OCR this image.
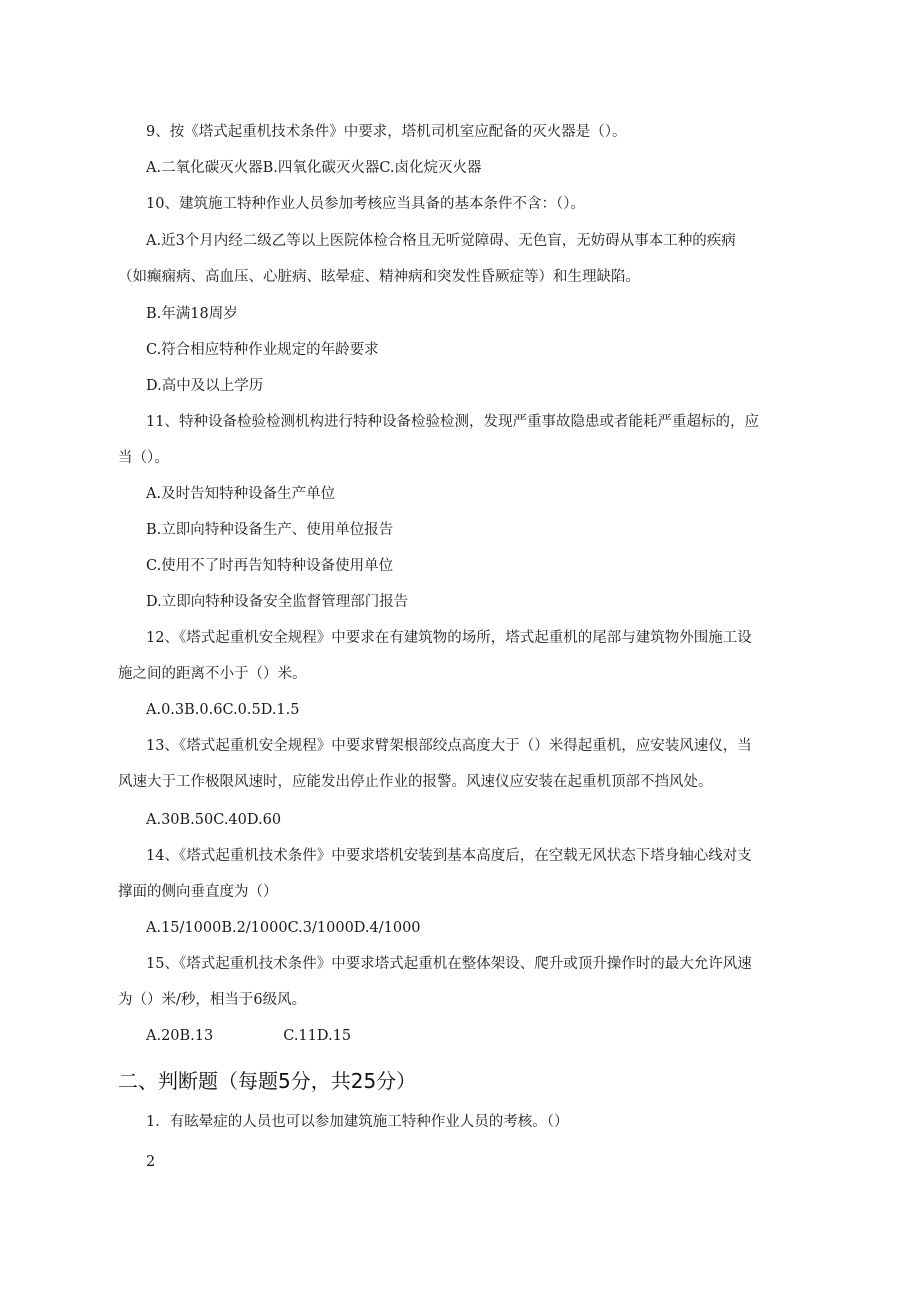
9、按《塔式起重机技术条件》中要求，塔机司机室应配备的灭火器是（）。
A.二氧化碳灭火器B.四氧化碳灭火器C.卤化烷灭火器
10、建筑施工特种作业人员参加考核应当具备的基本条件不含：（）。
A.近3个月内经二级乙等以上医院体检合格且无听觉障碍、无色盲，无妨碍从事本工种的疾病
（如癫痫病、高血压、心脏病、眩晕症、精神病和突发性昏厥症等）和生理缺陷。
B.年满18周岁
C.符合相应特种作业规定的年龄要求
D.高中及以上学历
11、特种设备检验检测机构进行特种设备检验检测，发现严重事故隐患或者能耗严重超标的，应
当（）。
A.及时告知特种设备生产单位
B.立即向特种设备生产、使用单位报告
C.使用不了时再告知特种设备使用单位
D.立即向特种设备安全监督管理部门报告
12、《塔式起重机安全规程》中要求在有建筑物的场所，塔式起重机的尾部与建筑物外围施工设
施之间的距离不小于（）米。
A.0.3B.0.6C.0.5D.1.5
13、《塔式起重机安全规程》中要求臂架根部绞点高度大于（）米得起重机，应安装风速仪，当
风速大于工作极限风速时，应能发出停止作业的报警。风速仪应安装在起重机顶部不挡风处。
A.30B.50C.40D.60
14、《塔式起重机技术条件》中要求塔机安装到基本高度后，在空载无风状态下塔身轴心线对支
撑面的侧向垂直度为（）
A.15/1000B.2/1000C.3/1000D.4/1000
15、《塔式起重机技术条件》中要求塔式起重机在整体架设、爬升或顶升操作时的最大允许风速
为（）米/秒，相当于6级风。
A.20B.13	C.11D.15
二、判断题（每题5分，共25分）
1．有眩晕症的人员也可以参加建筑施工特种作业人员的考核。（）
2
